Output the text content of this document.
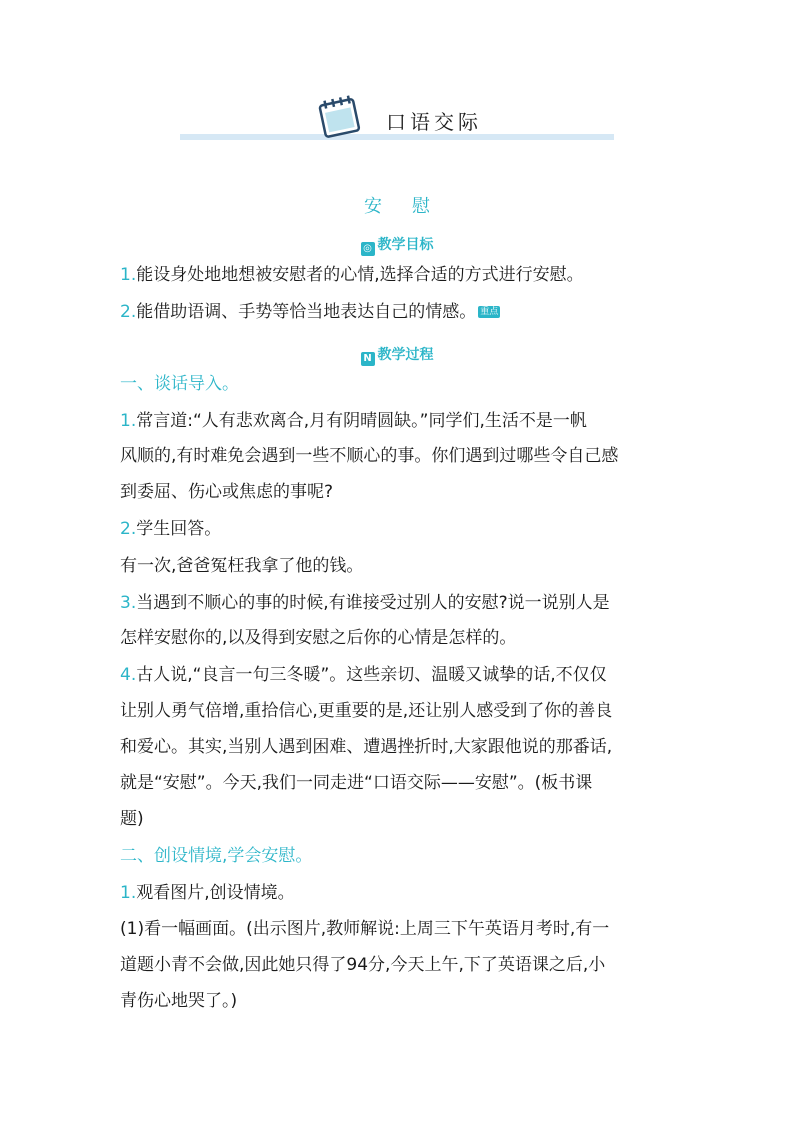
口语交际
安慰
◎ 教学目标
1.能设身处地地想被安慰者的心情,选择合适的方式进行安慰。
2.能借助语调、手势等恰当地表达自己的情感。 重点
N 教学过程
一、谈话导入。
1.常言道:“人有悲欢离合,月有阴晴圆缺。”同学们,生活不是一帆
风顺的,有时难免会遇到一些不顺心的事。你们遇到过哪些令自己感
到委屈、伤心或焦虑的事呢?
2.学生回答。
有一次,爸爸冤枉我拿了他的钱。
3.当遇到不顺心的事的时候,有谁接受过别人的安慰?说一说别人是
怎样安慰你的,以及得到安慰之后你的心情是怎样的。
4.古人说,“良言一句三冬暖”。这些亲切、温暖又诚挚的话,不仅仅
让别人勇气倍增,重拾信心,更重要的是,还让别人感受到了你的善良
和爱心。其实,当别人遇到困难、遭遇挫折时,大家跟他说的那番话,
就是“安慰”。今天,我们一同走进“口语交际——安慰”。(板书课
题)
二、创设情境,学会安慰。
1.观看图片,创设情境。
(1)看一幅画面。(出示图片,教师解说:上周三下午英语月考时,有一
道题小青不会做,因此她只得了94分,今天上午,下了英语课之后,小
青伤心地哭了。)
